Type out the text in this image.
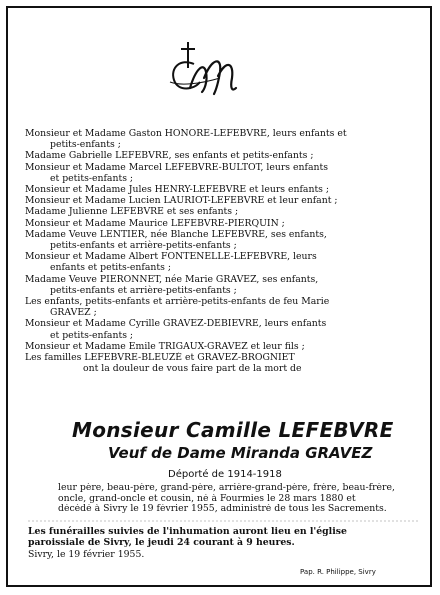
Monsieur et Madame Gaston HONORE-LEFEBVRE, leurs enfants et
petits-enfants ;
Madame Gabrielle LEFEBVRE, ses enfants et petits-enfants ;
Monsieur et Madame Marcel LEFEBVRE-BULTOT, leurs enfants
et petits-enfants ;
Monsieur et Madame Jules HENRY-LEFEBVRE et leurs enfants ;
Monsieur et Madame Lucien LAURIOT-LEFEBVRE et leur enfant ;
Madame Julienne LEFEBVRE et ses enfants ;
Monsieur et Madame Maurice LEFEBVRE-PIERQUIN ;
Madame Veuve LENTIER, née Blanche LEFEBVRE, ses enfants,
petits-enfants et arrière-petits-enfants ;
Monsieur et Madame Albert FONTENELLE-LEFEBVRE, leurs
enfants et petits-enfants ;
Madame Veuve PIERONNET, née Marie GRAVEZ, ses enfants,
petits-enfants et arrière-petits-enfants ;
Les enfants, petits-enfants et arrière-petits-enfants de feu Marie
GRAVEZ ;
Monsieur et Madame Cyrille GRAVEZ-DEBIEVRE, leurs enfants
et petits-enfants ;
Monsieur et Madame Emile TRIGAUX-GRAVEZ et leur fils ;
Les familles LEFEBVRE-BLEUZÉ et GRAVEZ-BROGNIET
ont la douleur de vous faire part de la mort de
Monsieur Camille LEFEBVRE
Veuf de Dame Miranda GRAVEZ
Déporté de 1914-1918
leur père, beau-père, grand-père, arrière-grand-père, frère, beau-frère,
oncle, grand-oncle et cousin, né à Fourmies le 28 mars 1880 et
décédé à Sivry le 19 février 1955, administré de tous les Sacrements.
Les funérailles suivies de l'inhumation auront lieu en l'église
paroissiale de Sivry, le jeudi 24 courant à 9 heures.
Sivry, le 19 février 1955.
Pap. R. Philippe, Sivry
